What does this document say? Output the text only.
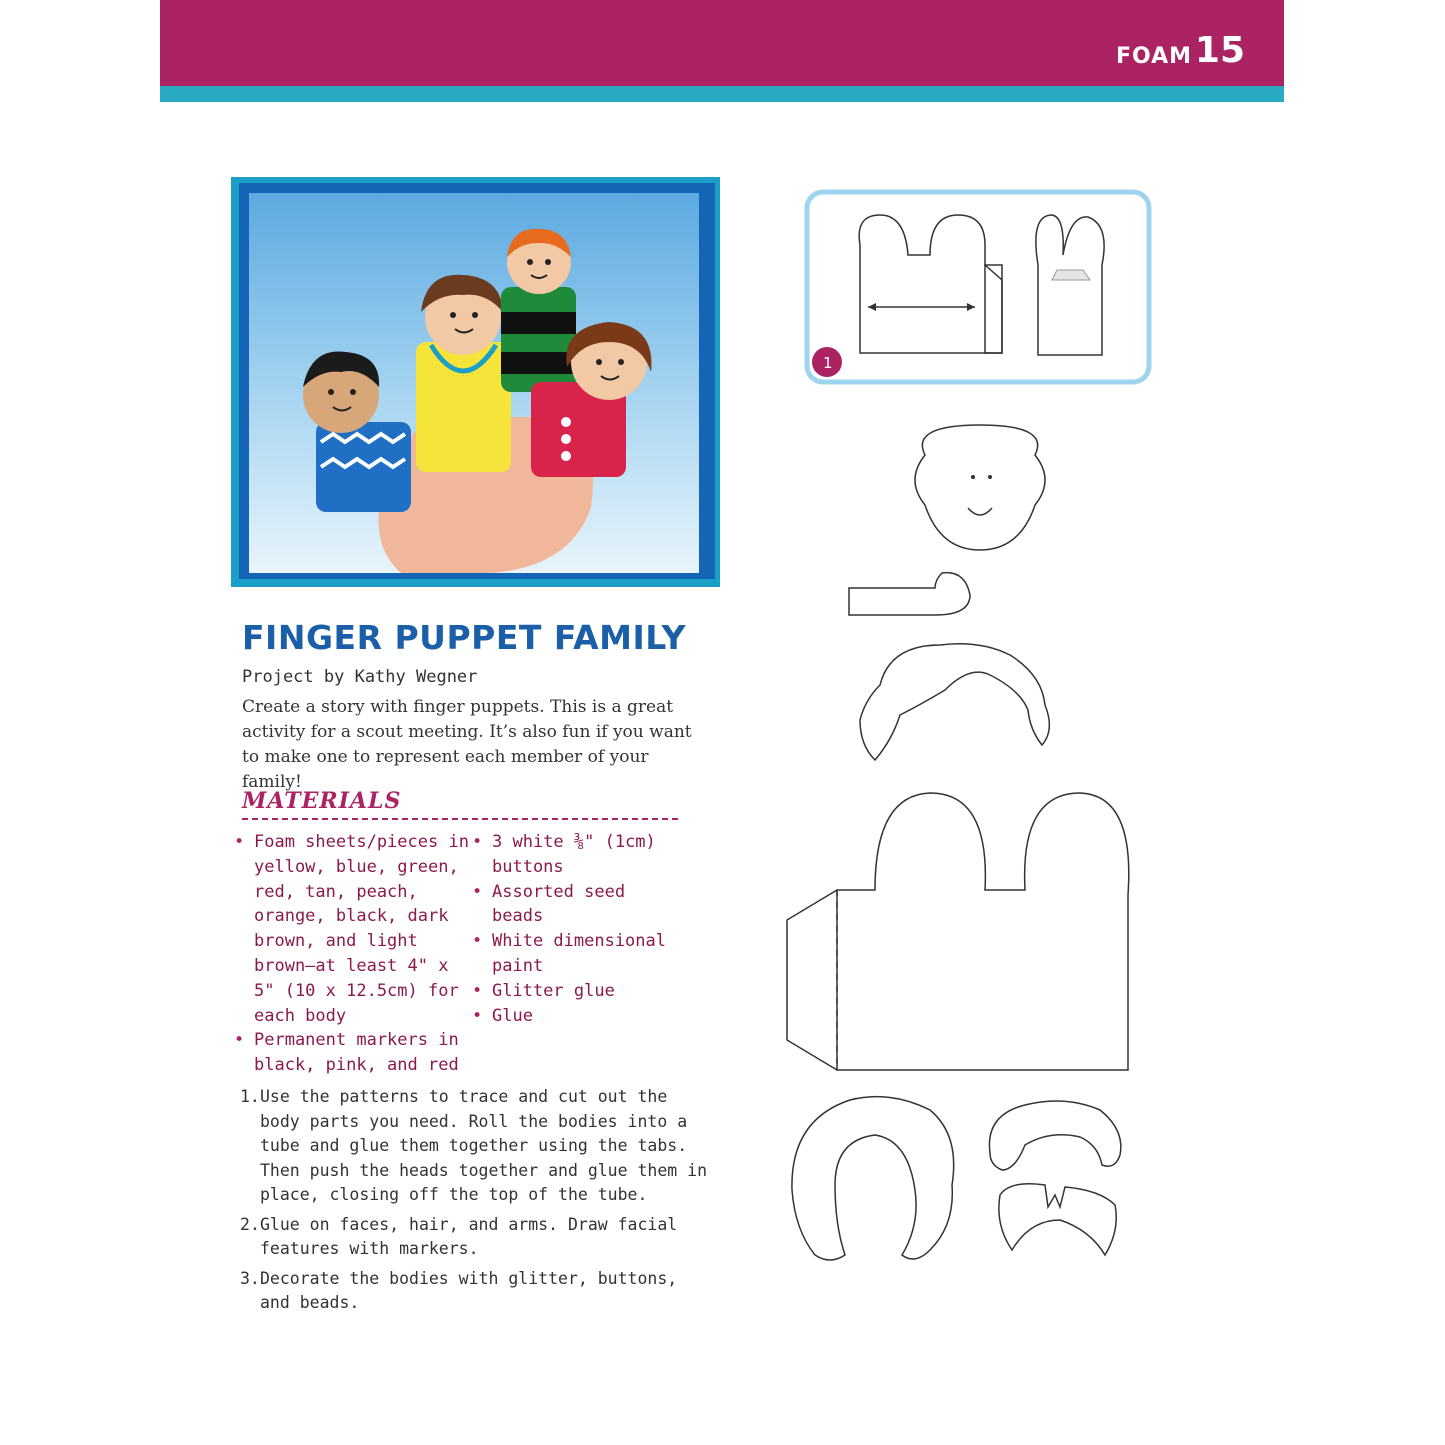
FOAM 15
FINGER PUPPET FAMILY
Project by Kathy Wegner

Create a story with finger puppets. This is a great activity for a scout meeting. It’s also fun if you want to make one to represent each member of your family!

MATERIALS
• Foam sheets/pieces in yellow, blue, green, red, tan, peach, orange, black, dark brown, and light brown—at least 4" x 5" (10 x 12.5cm) for each body
• Permanent markers in black, pink, and red
• 3 white ⅜" (1cm) buttons
• Assorted seed beads
• White dimensional paint
• Glitter glue
• Glue
1. Use the patterns to trace and cut out the body parts you need. Roll the bodies into a tube and glue them together using the tabs. Then push the heads together and glue them in place, closing off the top of the tube.
2. Glue on faces, hair, and arms. Draw facial features with markers.
3. Decorate the bodies with glitter, buttons, and beads.
1
